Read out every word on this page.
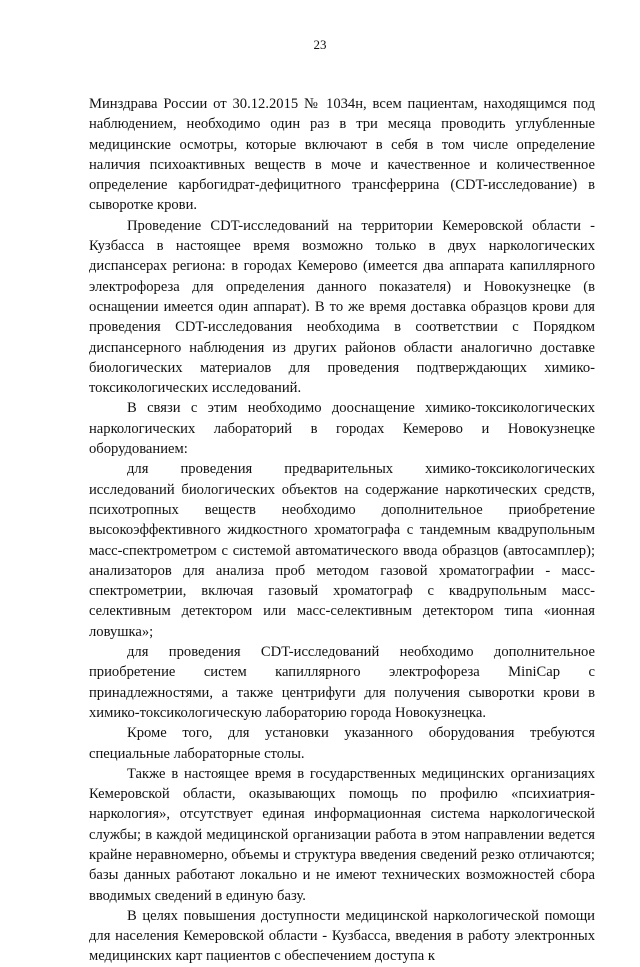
23

Минздрава России от 30.12.2015 № 1034н, всем пациентам, находящимся под наблюдением, необходимо один раз в три месяца проводить углубленные медицинские осмотры, которые включают в себя в том числе определение наличия психоактивных веществ в моче и качественное и количественное определение карбогидрат-дефицитного трансферрина (CDT-исследование) в сыворотке крови.

Проведение CDT-исследований на территории Кемеровской области - Кузбасса в настоящее время возможно только в двух наркологических диспансерах региона: в городах Кемерово (имеется два аппарата капиллярного электрофореза для определения данного показателя) и Новокузнецке (в оснащении имеется один аппарат). В то же время доставка образцов крови для проведения CDT-исследования необходима в соответствии с Порядком диспансерного наблюдения из других районов области аналогично доставке биологических материалов для проведения подтверждающих химико-токсикологических исследований.

В связи с этим необходимо дооснащение химико-токсикологических наркологических лабораторий в городах Кемерово и Новокузнецке оборудованием:

для проведения предварительных химико-токсикологических исследований биологических объектов на содержание наркотических средств, психотропных веществ необходимо дополнительное приобретение высокоэффективного жидкостного хроматографа с тандемным квадрупольным масс-спектрометром с системой автоматического ввода образцов (автосамплер); анализаторов для анализа проб методом газовой хроматографии - масс-спектрометрии, включая газовый хроматограф с квадрупольным масс-селективным детектором или масс-селективным детектором типа «ионная ловушка»;

для проведения CDT-исследований необходимо дополнительное приобретение систем капиллярного электрофореза MiniCap с принадлежностями, а также центрифуги для получения сыворотки крови в химико-токсикологическую лабораторию города Новокузнецка.

Кроме того, для установки указанного оборудования требуются специальные лабораторные столы.

Также в настоящее время в государственных медицинских организациях Кемеровской области, оказывающих помощь по профилю «психиатрия-наркология», отсутствует единая информационная система наркологической службы; в каждой медицинской организации работа в этом направлении ведется крайне неравномерно, объемы и структура введения сведений резко отличаются; базы данных работают локально и не имеют технических возможностей сбора вводимых сведений в единую базу.

В целях повышения доступности медицинской наркологической помощи для населения Кемеровской области - Кузбасса, введения в работу электронных медицинских карт пациентов с обеспечением доступа к
